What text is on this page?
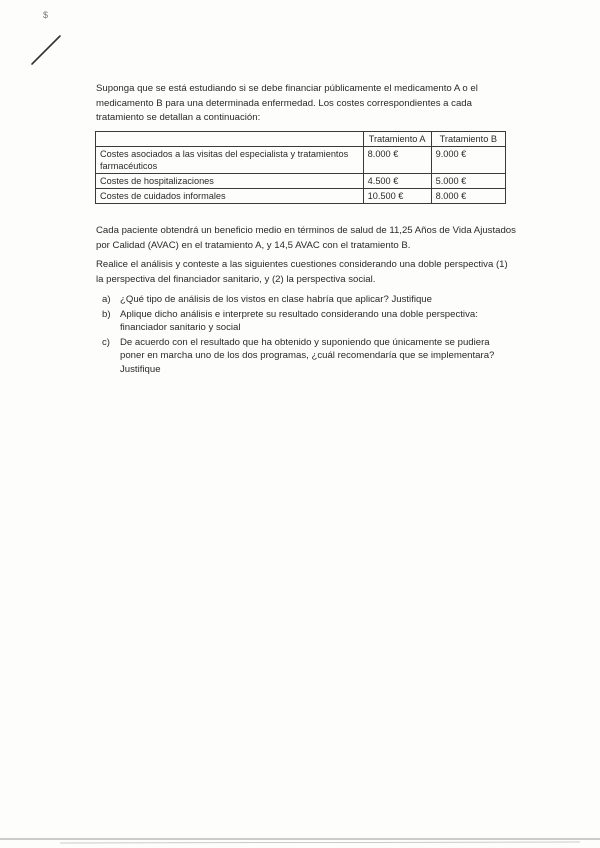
$

Suponga que se está estudiando si se debe financiar públicamente el medicamento A o el medicamento B para una determinada enfermedad. Los costes correspondientes a cada tratamiento se detallan a continuación:

	Tratamiento A	Tratamiento B
Costes asociados a las visitas del especialista y tratamientos farmacéuticos	8.000 €	9.000 €
Costes de hospitalizaciones	4.500 €	5.000 €
Costes de cuidados informales	10.500 €	8.000 €

Cada paciente obtendrá un beneficio medio en términos de salud de 11,25 Años de Vida Ajustados por Calidad (AVAC) en el tratamiento A, y 14,5 AVAC con el tratamiento B.

Realice el análisis y conteste a las siguientes cuestiones considerando una doble perspectiva (1) la perspectiva del financiador sanitario, y (2) la perspectiva social.

a) ¿Qué tipo de análisis de los vistos en clase habría que aplicar? Justifique
b) Aplique dicho análisis e interprete su resultado considerando una doble perspectiva: financiador sanitario y social
c) De acuerdo con el resultado que ha obtenido y suponiendo que únicamente se pudiera poner en marcha uno de los dos programas, ¿cuál recomendaría que se implementara? Justifique
